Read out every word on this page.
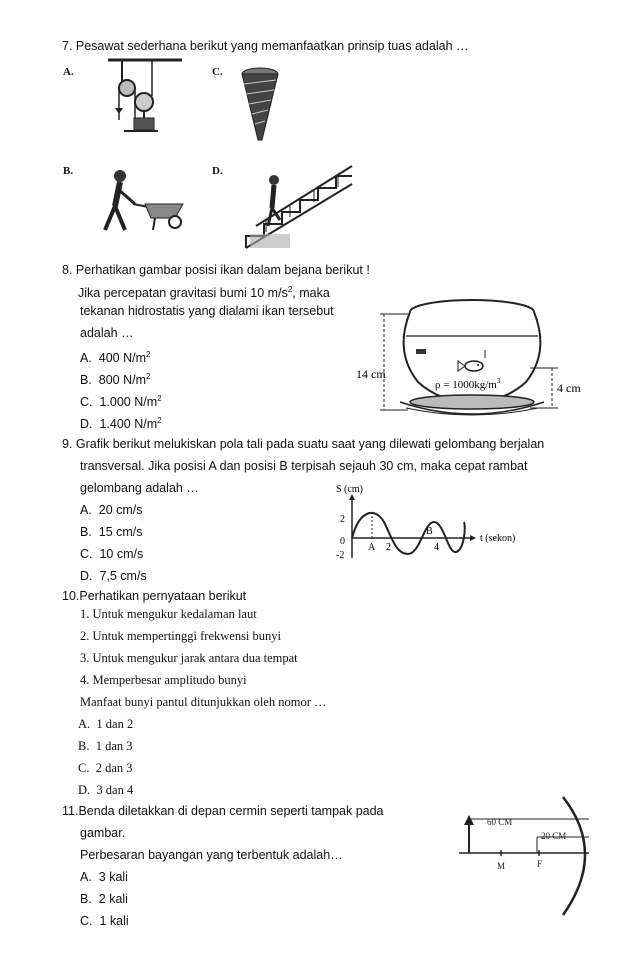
7. Pesawat sederhana berikut yang memanfaatkan prinsip tuas adalah …
A.	C.
B.	D.
8. Perhatikan gambar posisi ikan dalam bejana berikut !
Jika percepatan gravitasi bumi 10 $m/s^2$, maka
tekanan hidrostatis yang dialami ikan tersebut
adalah …
A. 400 $N/m^2$
B. 800 $N/m^2$
C. 1.000 $N/m^2$
D. 1.400 $N/m^2$
14 cm
$\rho = 1000kg/m^3$	4 cm
9. Grafik berikut melukiskan pola tali pada suatu saat yang dilewati gelombang berjalan
transversal. Jika posisi A dan posisi B terpisah sejauh 30 cm, maka cepat rambat
gelombang adalah …
A. 20 cm/s
B. 15 cm/s
C. 10 cm/s
D. 7,5 cm/s
S (cm)
t (sekon)
2
0
-2
A 2
B
4
10.Perhatikan pernyataan berikut
1. Untuk mengukur kedalaman laut
2. Untuk mempertinggi frekwensi bunyi
3. Untuk mengukur jarak antara dua tempat
4. Memperbesar amplitudo bunyi
Manfaat bunyi pantul ditunjukkan oleh nomor …
A. 1 dan 2
B. 1 dan 3
C. 2 dan 3
D. 3 dan 4
11.Benda diletakkan di depan cermin seperti tampak pada
gambar.
Perbesaran bayangan yang terbentuk adalah…
A. 3 kali
B. 2 kali
C. 1 kali
60 CM
20 CM
M	F
